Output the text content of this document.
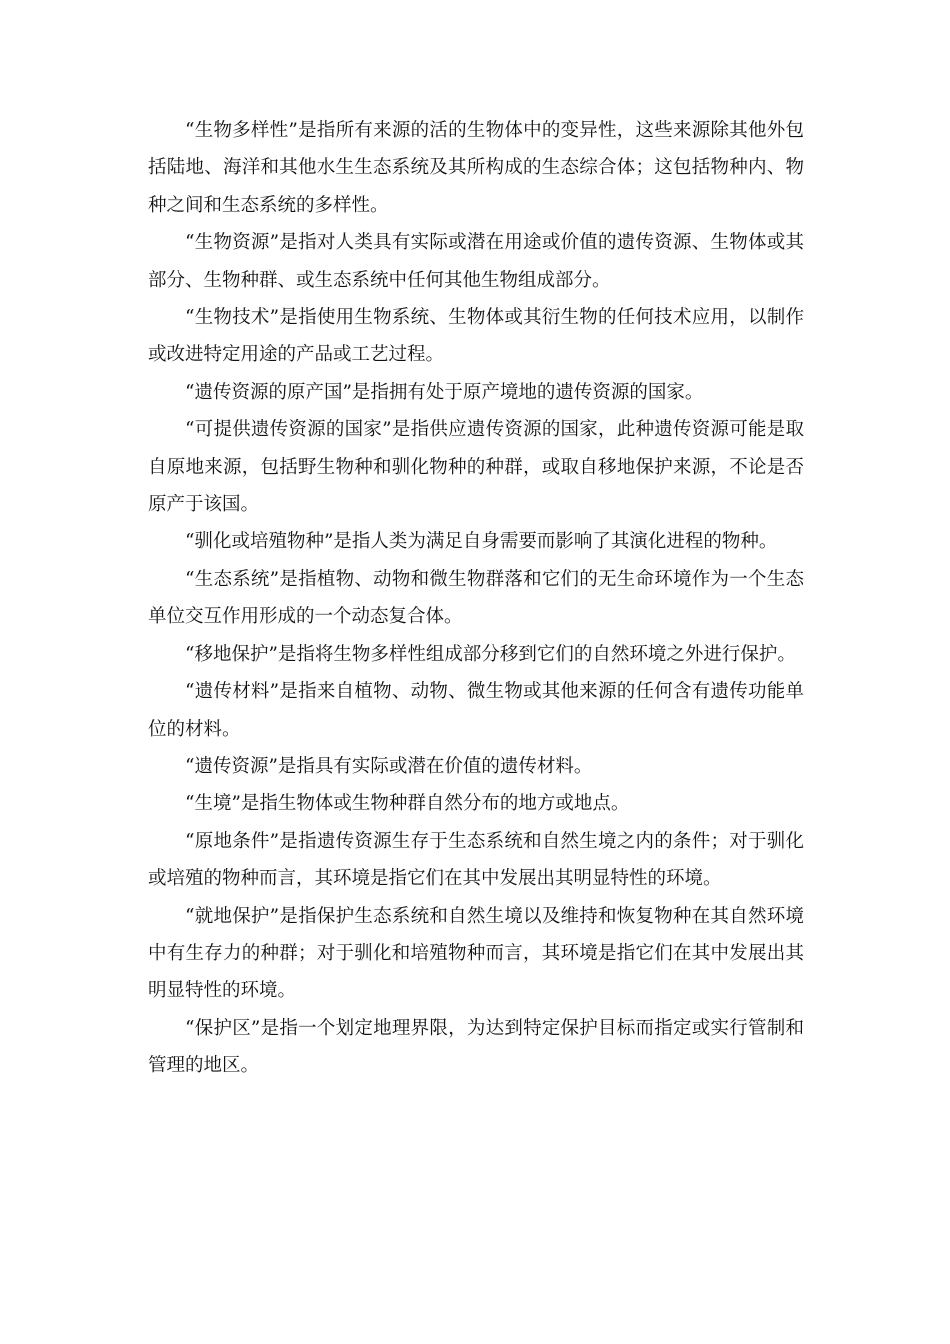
“生物多样性”是指所有来源的活的生物体中的变异性，这些来源除其他外包括陆地、海洋和其他水生生态系统及其所构成的生态综合体；这包括物种内、物种之间和生态系统的多样性。

“生物资源”是指对人类具有实际或潜在用途或价值的遗传资源、生物体或其部分、生物种群、或生态系统中任何其他生物组成部分。

“生物技术”是指使用生物系统、生物体或其衍生物的任何技术应用，以制作或改进特定用途的产品或工艺过程。

“遗传资源的原产国”是指拥有处于原产境地的遗传资源的国家。

“可提供遗传资源的国家”是指供应遗传资源的国家，此种遗传资源可能是取自原地来源，包括野生物种和驯化物种的种群，或取自移地保护来源，不论是否原产于该国。

“驯化或培殖物种”是指人类为满足自身需要而影响了其演化进程的物种。

“生态系统”是指植物、动物和微生物群落和它们的无生命环境作为一个生态单位交互作用形成的一个动态复合体。

“移地保护”是指将生物多样性组成部分移到它们的自然环境之外进行保护。

“遗传材料”是指来自植物、动物、微生物或其他来源的任何含有遗传功能单位的材料。

“遗传资源”是指具有实际或潜在价值的遗传材料。

“生境”是指生物体或生物种群自然分布的地方或地点。

“原地条件”是指遗传资源生存于生态系统和自然生境之内的条件；对于驯化或培殖的物种而言，其环境是指它们在其中发展出其明显特性的环境。

“就地保护”是指保护生态系统和自然生境以及维持和恢复物种在其自然环境中有生存力的种群；对于驯化和培殖物种而言，其环境是指它们在其中发展出其明显特性的环境。

“保护区”是指一个划定地理界限，为达到特定保护目标而指定或实行管制和管理的地区。
